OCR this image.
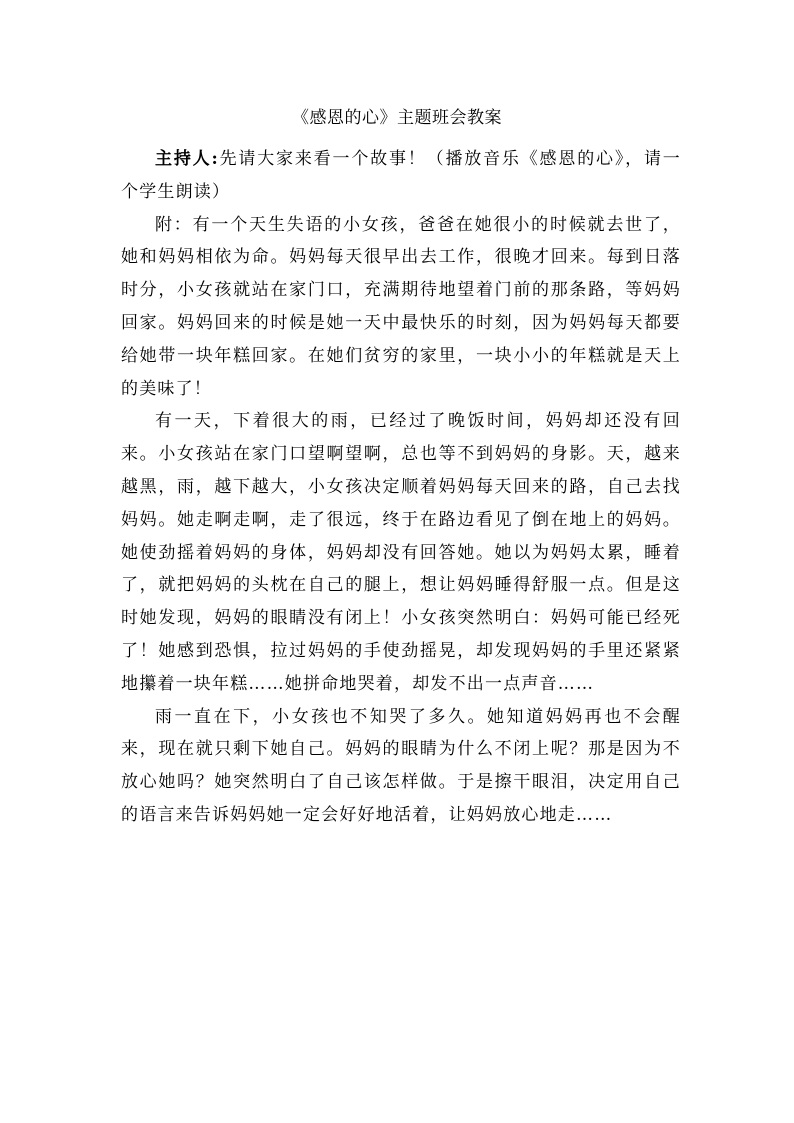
《感恩的心》主题班会教案

主持人:先请大家来看一个故事！（播放音乐《感恩的心》，请一个学生朗读）

附：有一个天生失语的小女孩，爸爸在她很小的时候就去世了，她和妈妈相依为命。妈妈每天很早出去工作，很晚才回来。每到日落时分，小女孩就站在家门口，充满期待地望着门前的那条路，等妈妈回家。妈妈回来的时候是她一天中最快乐的时刻，因为妈妈每天都要给她带一块年糕回家。在她们贫穷的家里，一块小小的年糕就是天上的美味了！

有一天，下着很大的雨，已经过了晚饭时间，妈妈却还没有回来。小女孩站在家门口望啊望啊，总也等不到妈妈的身影。天，越来越黑，雨，越下越大，小女孩决定顺着妈妈每天回来的路，自己去找妈妈。她走啊走啊，走了很远，终于在路边看见了倒在地上的妈妈。她使劲摇着妈妈的身体，妈妈却没有回答她。她以为妈妈太累，睡着了，就把妈妈的头枕在自己的腿上，想让妈妈睡得舒服一点。但是这时她发现，妈妈的眼睛没有闭上！小女孩突然明白：妈妈可能已经死了！她感到恐惧，拉过妈妈的手使劲摇晃，却发现妈妈的手里还紧紧地攥着一块年糕……她拼命地哭着，却发不出一点声音……

雨一直在下，小女孩也不知哭了多久。她知道妈妈再也不会醒来，现在就只剩下她自己。妈妈的眼睛为什么不闭上呢？那是因为不放心她吗？她突然明白了自己该怎样做。于是擦干眼泪，决定用自己的语言来告诉妈妈她一定会好好地活着，让妈妈放心地走……
